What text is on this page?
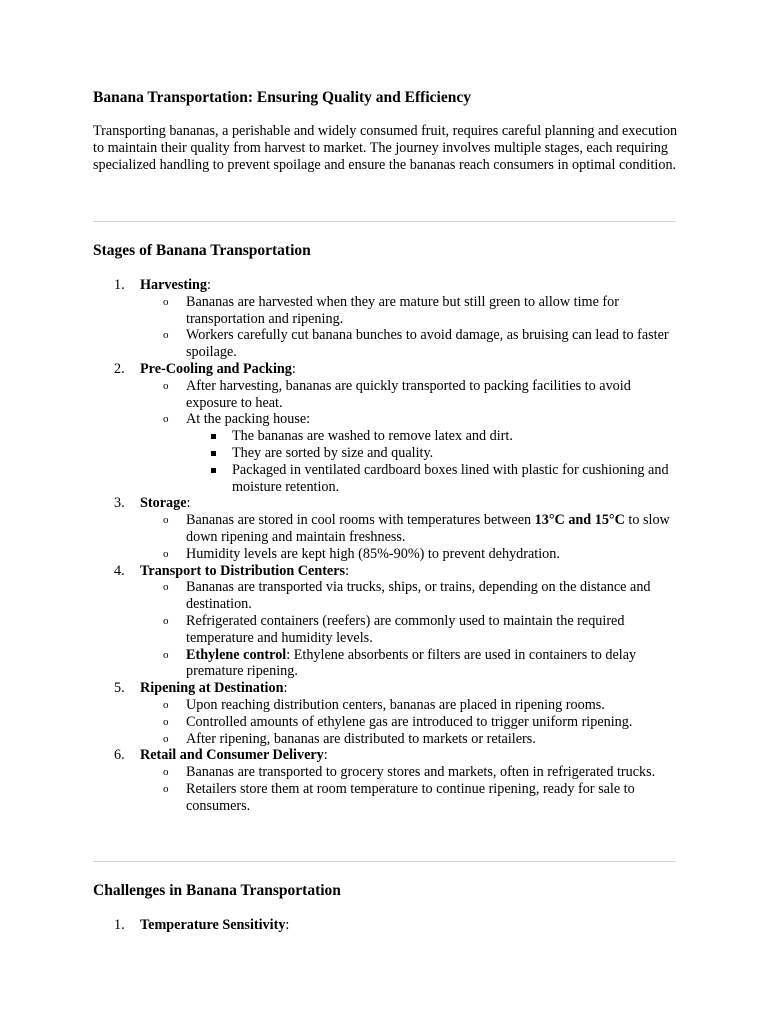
Banana Transportation: Ensuring Quality and Efficiency

Transporting bananas, a perishable and widely consumed fruit, requires careful planning and execution to maintain their quality from harvest to market. The journey involves multiple stages, each requiring specialized handling to prevent spoilage and ensure the bananas reach consumers in optimal condition.

Stages of Banana Transportation
1. Harvesting:
o Bananas are harvested when they are mature but still green to allow time for transportation and ripening.
o Workers carefully cut banana bunches to avoid damage, as bruising can lead to faster spoilage.
2. Pre-Cooling and Packing:
o After harvesting, bananas are quickly transported to packing facilities to avoid exposure to heat.
o At the packing house:
The bananas are washed to remove latex and dirt.
They are sorted by size and quality.
Packaged in ventilated cardboard boxes lined with plastic for cushioning and moisture retention.
3. Storage:
o Bananas are stored in cool rooms with temperatures between 13°C and 15°C to slow down ripening and maintain freshness.
o Humidity levels are kept high (85%-90%) to prevent dehydration.
4. Transport to Distribution Centers:
o Bananas are transported via trucks, ships, or trains, depending on the distance and destination.
o Refrigerated containers (reefers) are commonly used to maintain the required temperature and humidity levels.
o Ethylene control: Ethylene absorbents or filters are used in containers to delay premature ripening.
5. Ripening at Destination:
o Upon reaching distribution centers, bananas are placed in ripening rooms.
o Controlled amounts of ethylene gas are introduced to trigger uniform ripening.
o After ripening, bananas are distributed to markets or retailers.
6. Retail and Consumer Delivery:
o Bananas are transported to grocery stores and markets, often in refrigerated trucks.
o Retailers store them at room temperature to continue ripening, ready for sale to consumers.
Challenges in Banana Transportation
1. Temperature Sensitivity:
